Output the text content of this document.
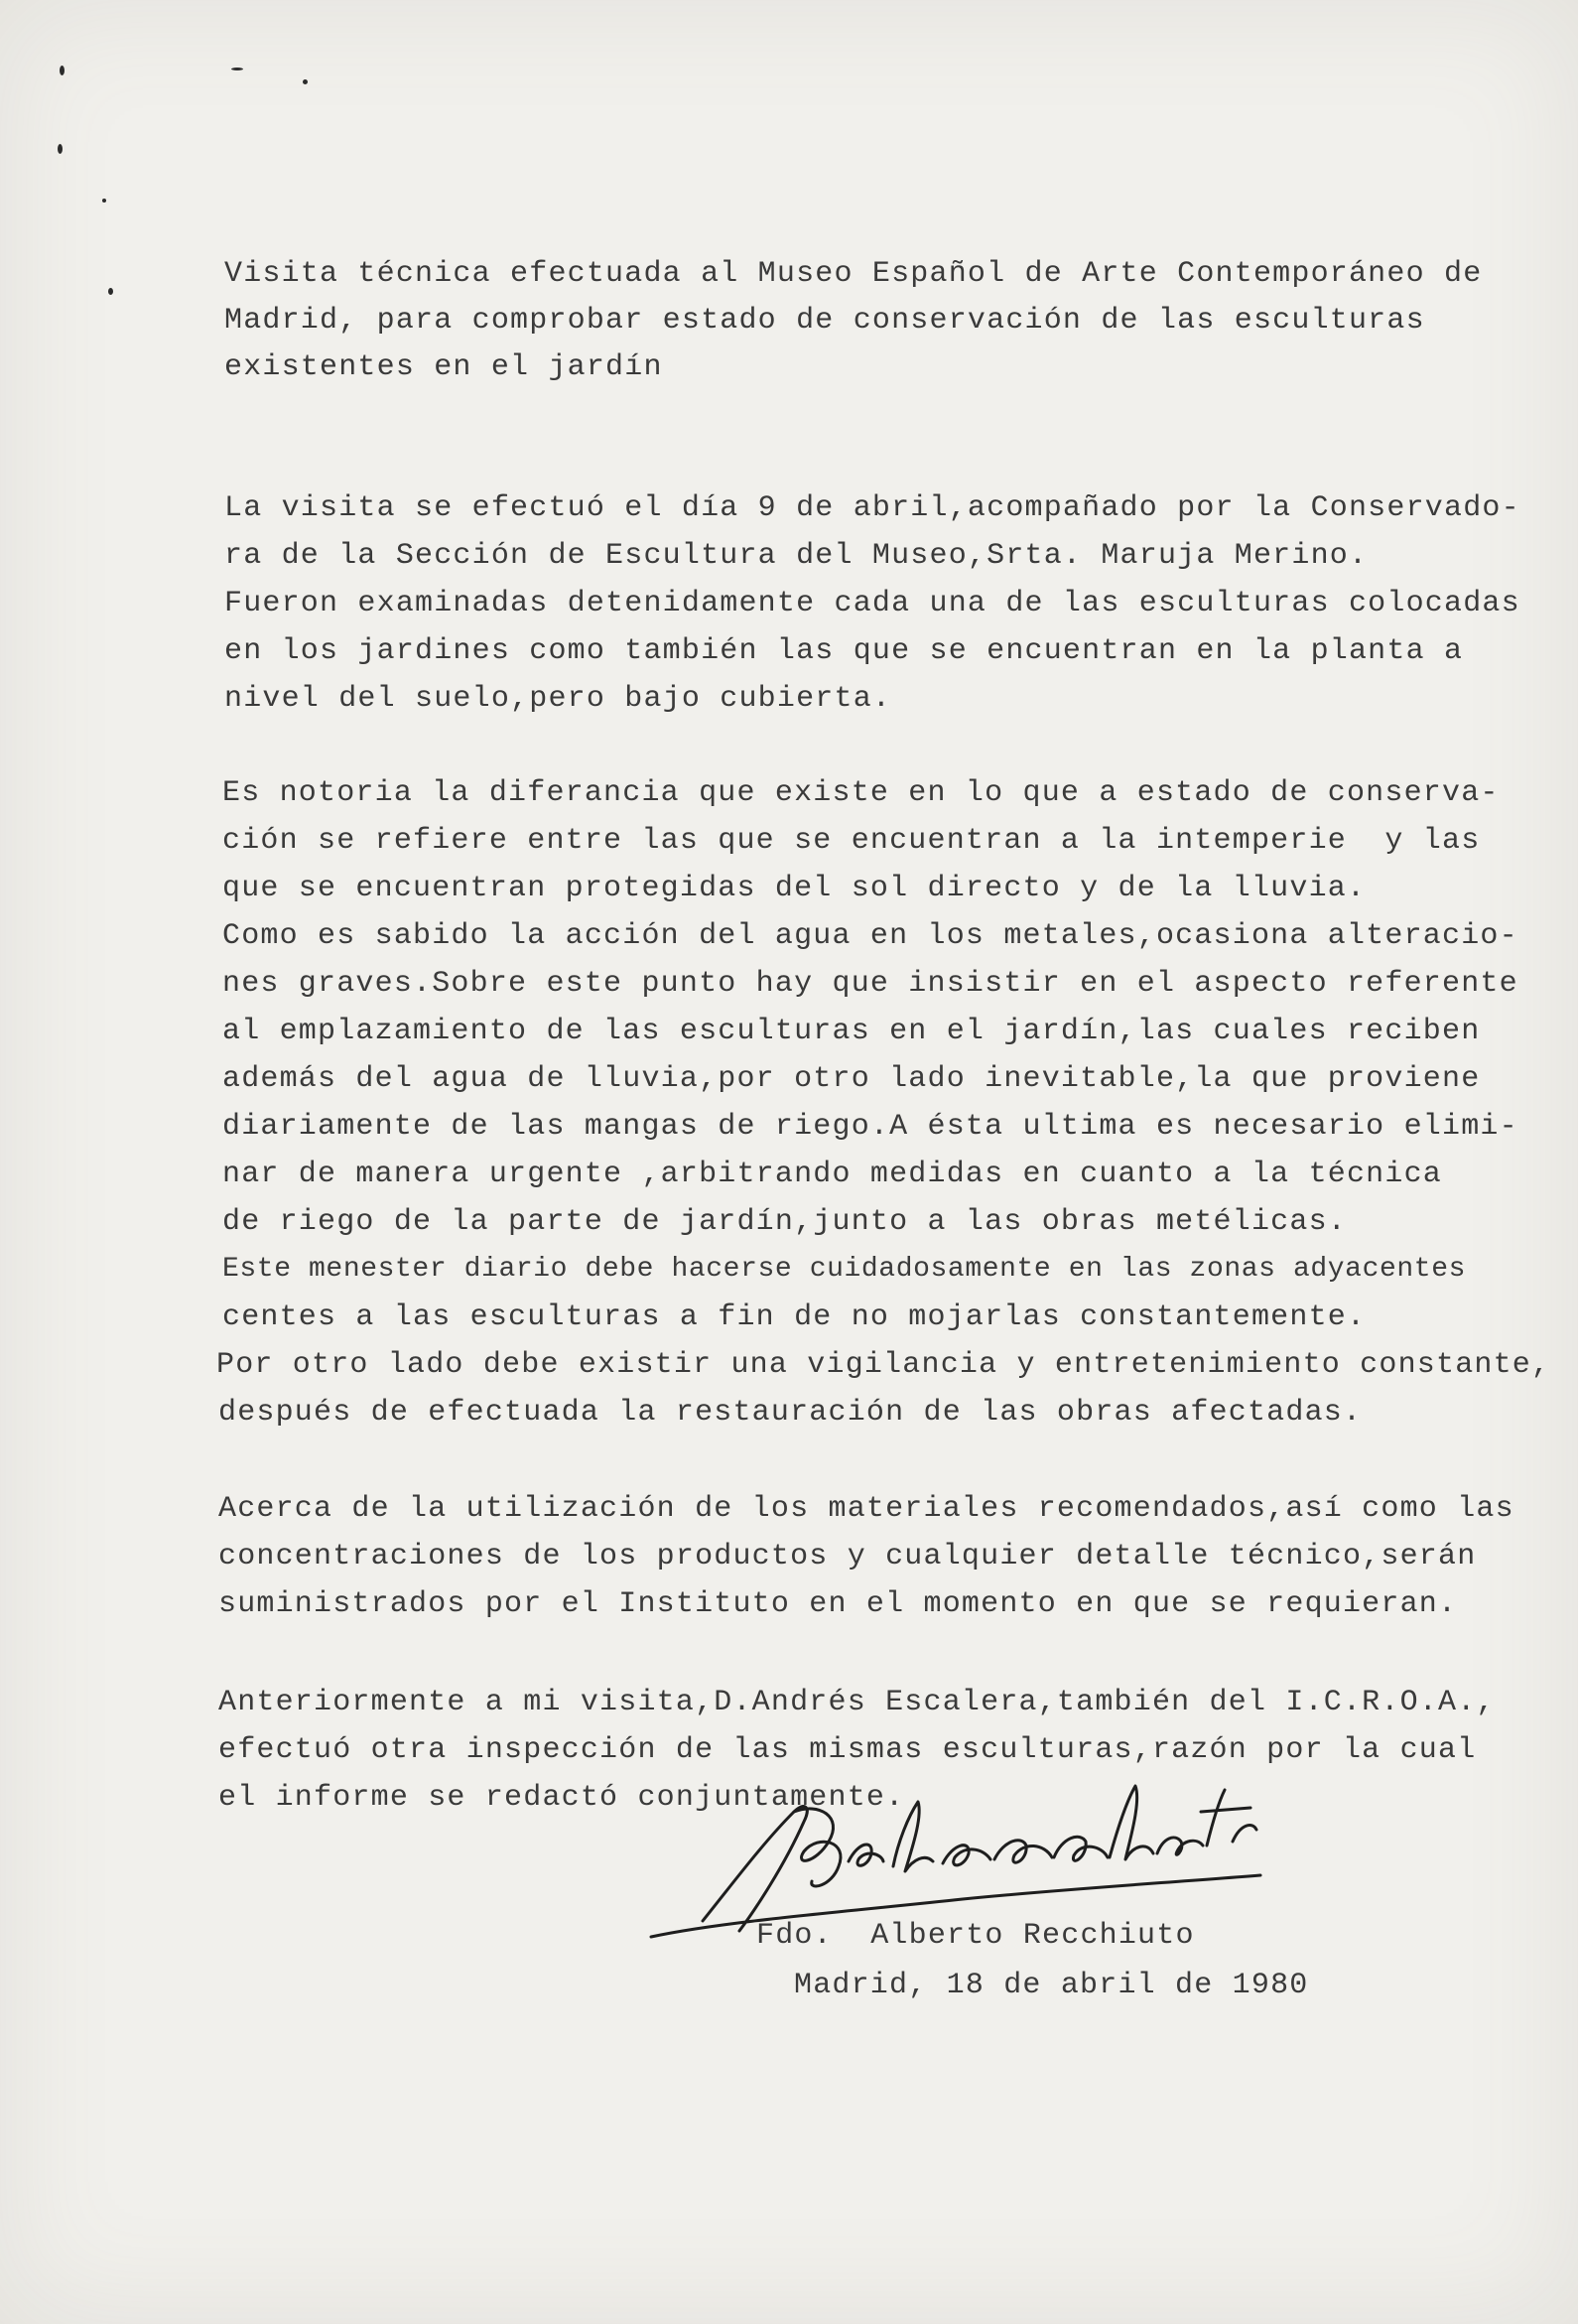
Visita técnica efectuada al Museo Español de Arte Contemporáneo de

Madrid, para comprobar estado de conservación de las esculturas

existentes en el jardín

La visita se efectuó el día 9 de abril,acompañado por la Conservado-

ra de la Sección de Escultura del Museo,Srta. Maruja Merino.

Fueron examinadas detenidamente cada una de las esculturas colocadas

en los jardines como también las que se encuentran en la planta a

nivel del suelo,pero bajo cubierta.

Es notoria la diferancia que existe en lo que a estado de conserva-

ción se refiere entre las que se encuentran a la intemperie  y las

que se encuentran protegidas del sol directo y de la lluvia.

Como es sabido la acción del agua en los metales,ocasiona alteracio-

nes graves.Sobre este punto hay que insistir en el aspecto referente

al emplazamiento de las esculturas en el jardín,las cuales reciben

además del agua de lluvia,por otro lado inevitable,la que proviene

diariamente de las mangas de riego.A ésta ultima es necesario elimi-

nar de manera urgente ,arbitrando medidas en cuanto a la técnica

de riego de la parte de jardín,junto a las obras metélicas.

Este menester diario debe hacerse cuidadosamente en las zonas adyacentes

centes a las esculturas a fin de no mojarlas constantemente.

Por otro lado debe existir una vigilancia y entretenimiento constante,

después de efectuada la restauración de las obras afectadas.

Acerca de la utilización de los materiales recomendados,así como las

concentraciones de los productos y cualquier detalle técnico,serán

suministrados por el Instituto en el momento en que se requieran.

Anteriormente a mi visita,D.Andrés Escalera,también del I.C.R.O.A.,

efectuó otra inspección de las mismas esculturas,razón por la cual

el informe se redactó conjuntamente.

Fdo.  Alberto Recchiuto

Madrid, 18 de abril de 1980
